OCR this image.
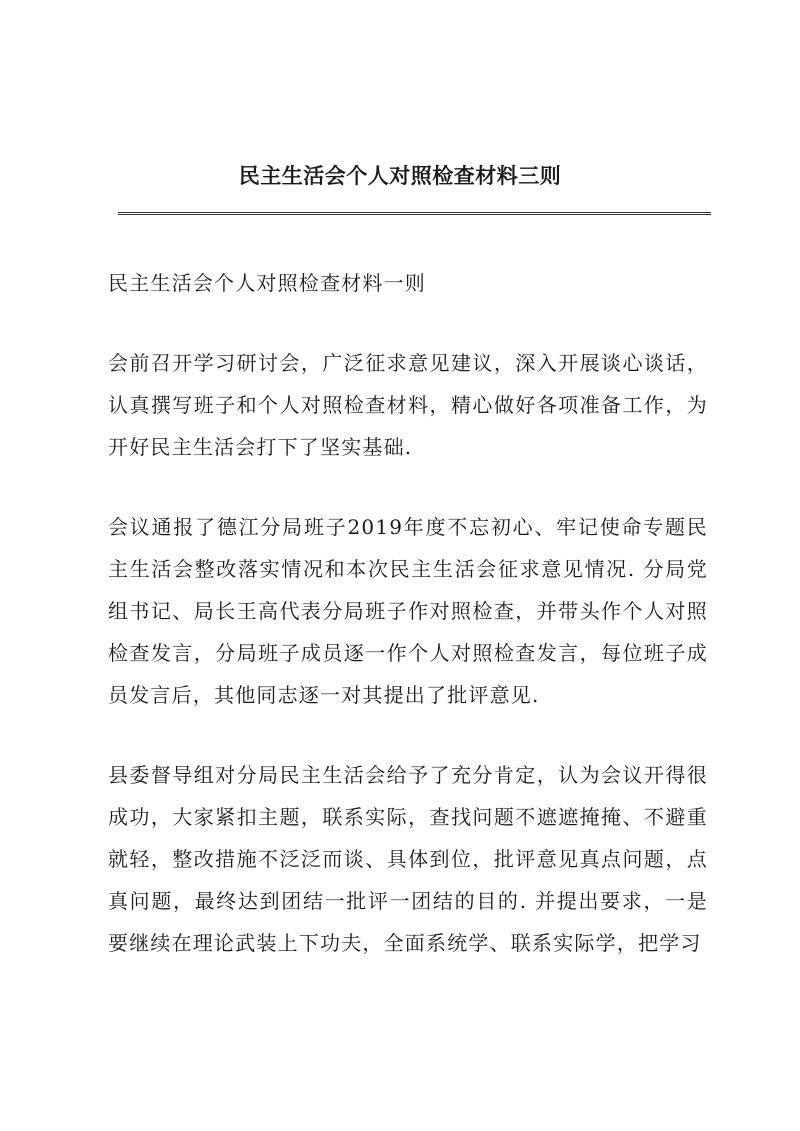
民主生活会个人对照检查材料三则

民主生活会个人对照检查材料一则

会前召开学习研讨会，广泛征求意见建议，深入开展谈心谈话，认真撰写班子和个人对照检查材料，精心做好各项准备工作，为开好民主生活会打下了坚实基础.

会议通报了德江分局班子2019年度不忘初心、牢记使命专题民主生活会整改落实情况和本次民主生活会征求意见情况. 分局党组书记、局长王高代表分局班子作对照检查，并带头作个人对照检查发言，分局班子成员逐一作个人对照检查发言，每位班子成员发言后，其他同志逐一对其提出了批评意见.

县委督导组对分局民主生活会给予了充分肯定，认为会议开得很成功，大家紧扣主题，联系实际，查找问题不遮遮掩掩、不避重就轻，整改措施不泛泛而谈、具体到位，批评意见真点问题，点真问题，最终达到团结一批评一团结的目的. 并提出要求，一是要继续在理论武装上下功夫，全面系统学、联系实际学，把学习
